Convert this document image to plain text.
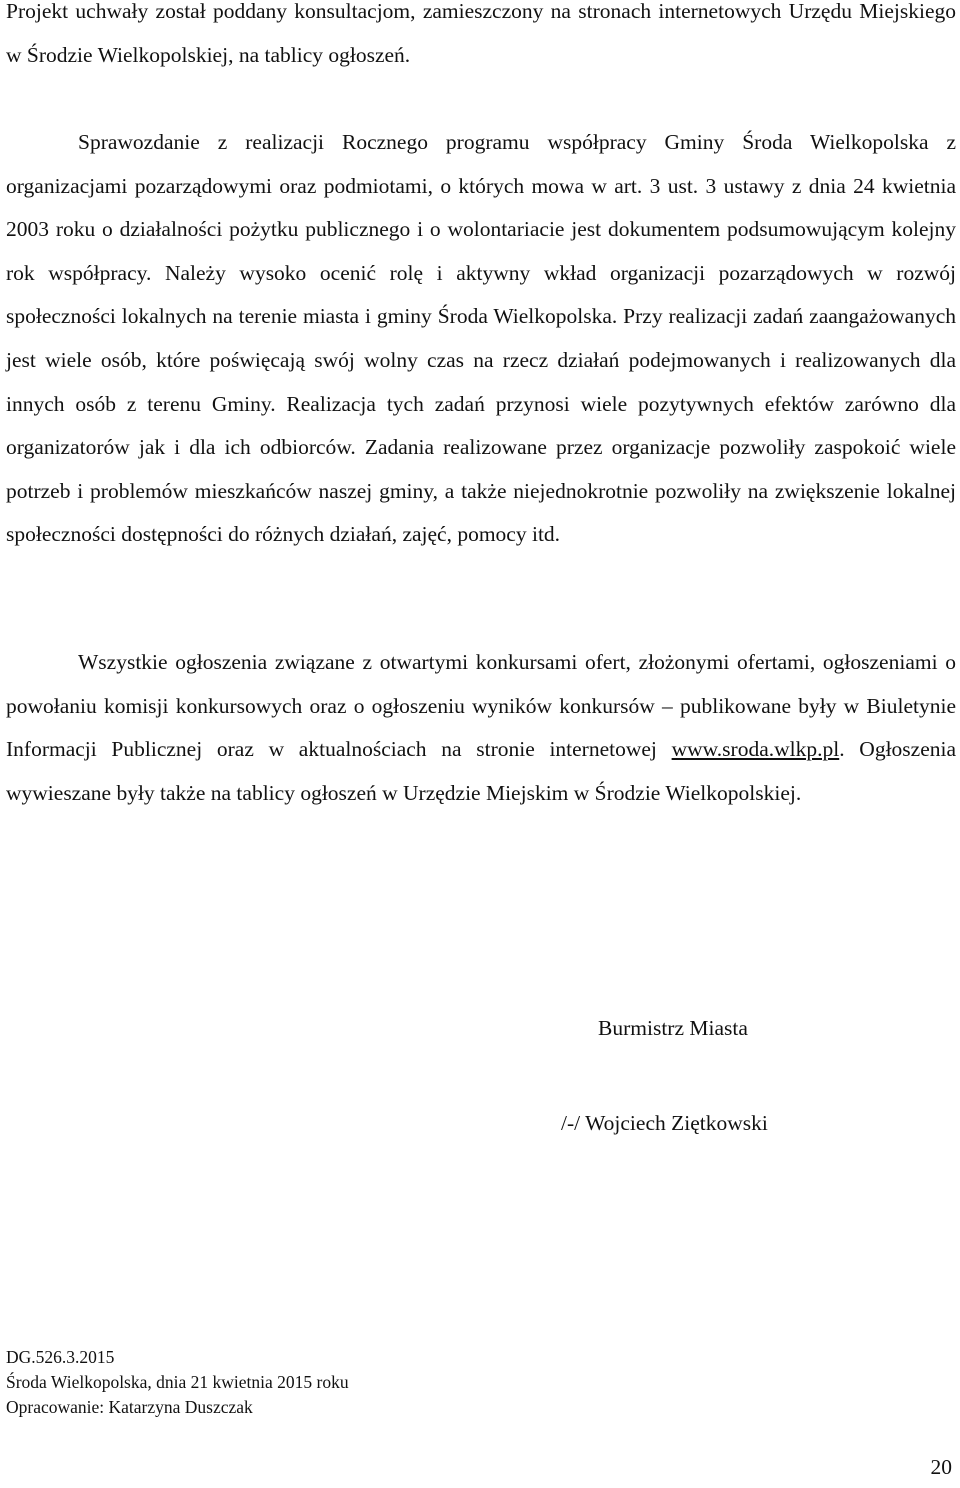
Projekt uchwały został poddany konsultacjom, zamieszczony na stronach internetowych Urzędu Miejskiego w Środzie Wielkopolskiej, na tablicy ogłoszeń.

Sprawozdanie z realizacji Rocznego programu współpracy Gminy Środa Wielkopolska z organizacjami pozarządowymi oraz podmiotami, o których mowa w art. 3 ust. 3 ustawy z dnia 24 kwietnia 2003 roku o działalności pożytku publicznego i o wolontariacie jest dokumentem podsumowującym kolejny rok współpracy. Należy wysoko ocenić rolę i aktywny wkład organizacji pozarządowych w rozwój społeczności lokalnych na terenie miasta i gminy Środa Wielkopolska. Przy realizacji zadań zaangażowanych jest wiele osób, które poświęcają swój wolny czas na rzecz działań podejmowanych i realizowanych dla innych osób z terenu Gminy. Realizacja tych zadań przynosi wiele pozytywnych efektów zarówno dla organizatorów jak i dla ich odbiorców. Zadania realizowane przez organizacje pozwoliły zaspokoić wiele potrzeb i problemów mieszkańców naszej gminy, a także niejednokrotnie pozwoliły na zwiększenie lokalnej społeczności dostępności do różnych działań, zajęć, pomocy itd.

Wszystkie ogłoszenia związane z otwartymi konkursami ofert, złożonymi ofertami, ogłoszeniami o powołaniu komisji konkursowych oraz o ogłoszeniu wyników konkursów – publikowane były w Biuletynie Informacji Publicznej oraz w aktualnościach na stronie internetowej www.sroda.wlkp.pl. Ogłoszenia wywieszane były także na tablicy ogłoszeń w Urzędzie Miejskim w Środzie Wielkopolskiej.

Burmistrz Miasta

/-/ Wojciech Ziętkowski

DG.526.3.2015
Środa Wielkopolska, dnia 21 kwietnia 2015 roku
Opracowanie: Katarzyna Duszczak

20
